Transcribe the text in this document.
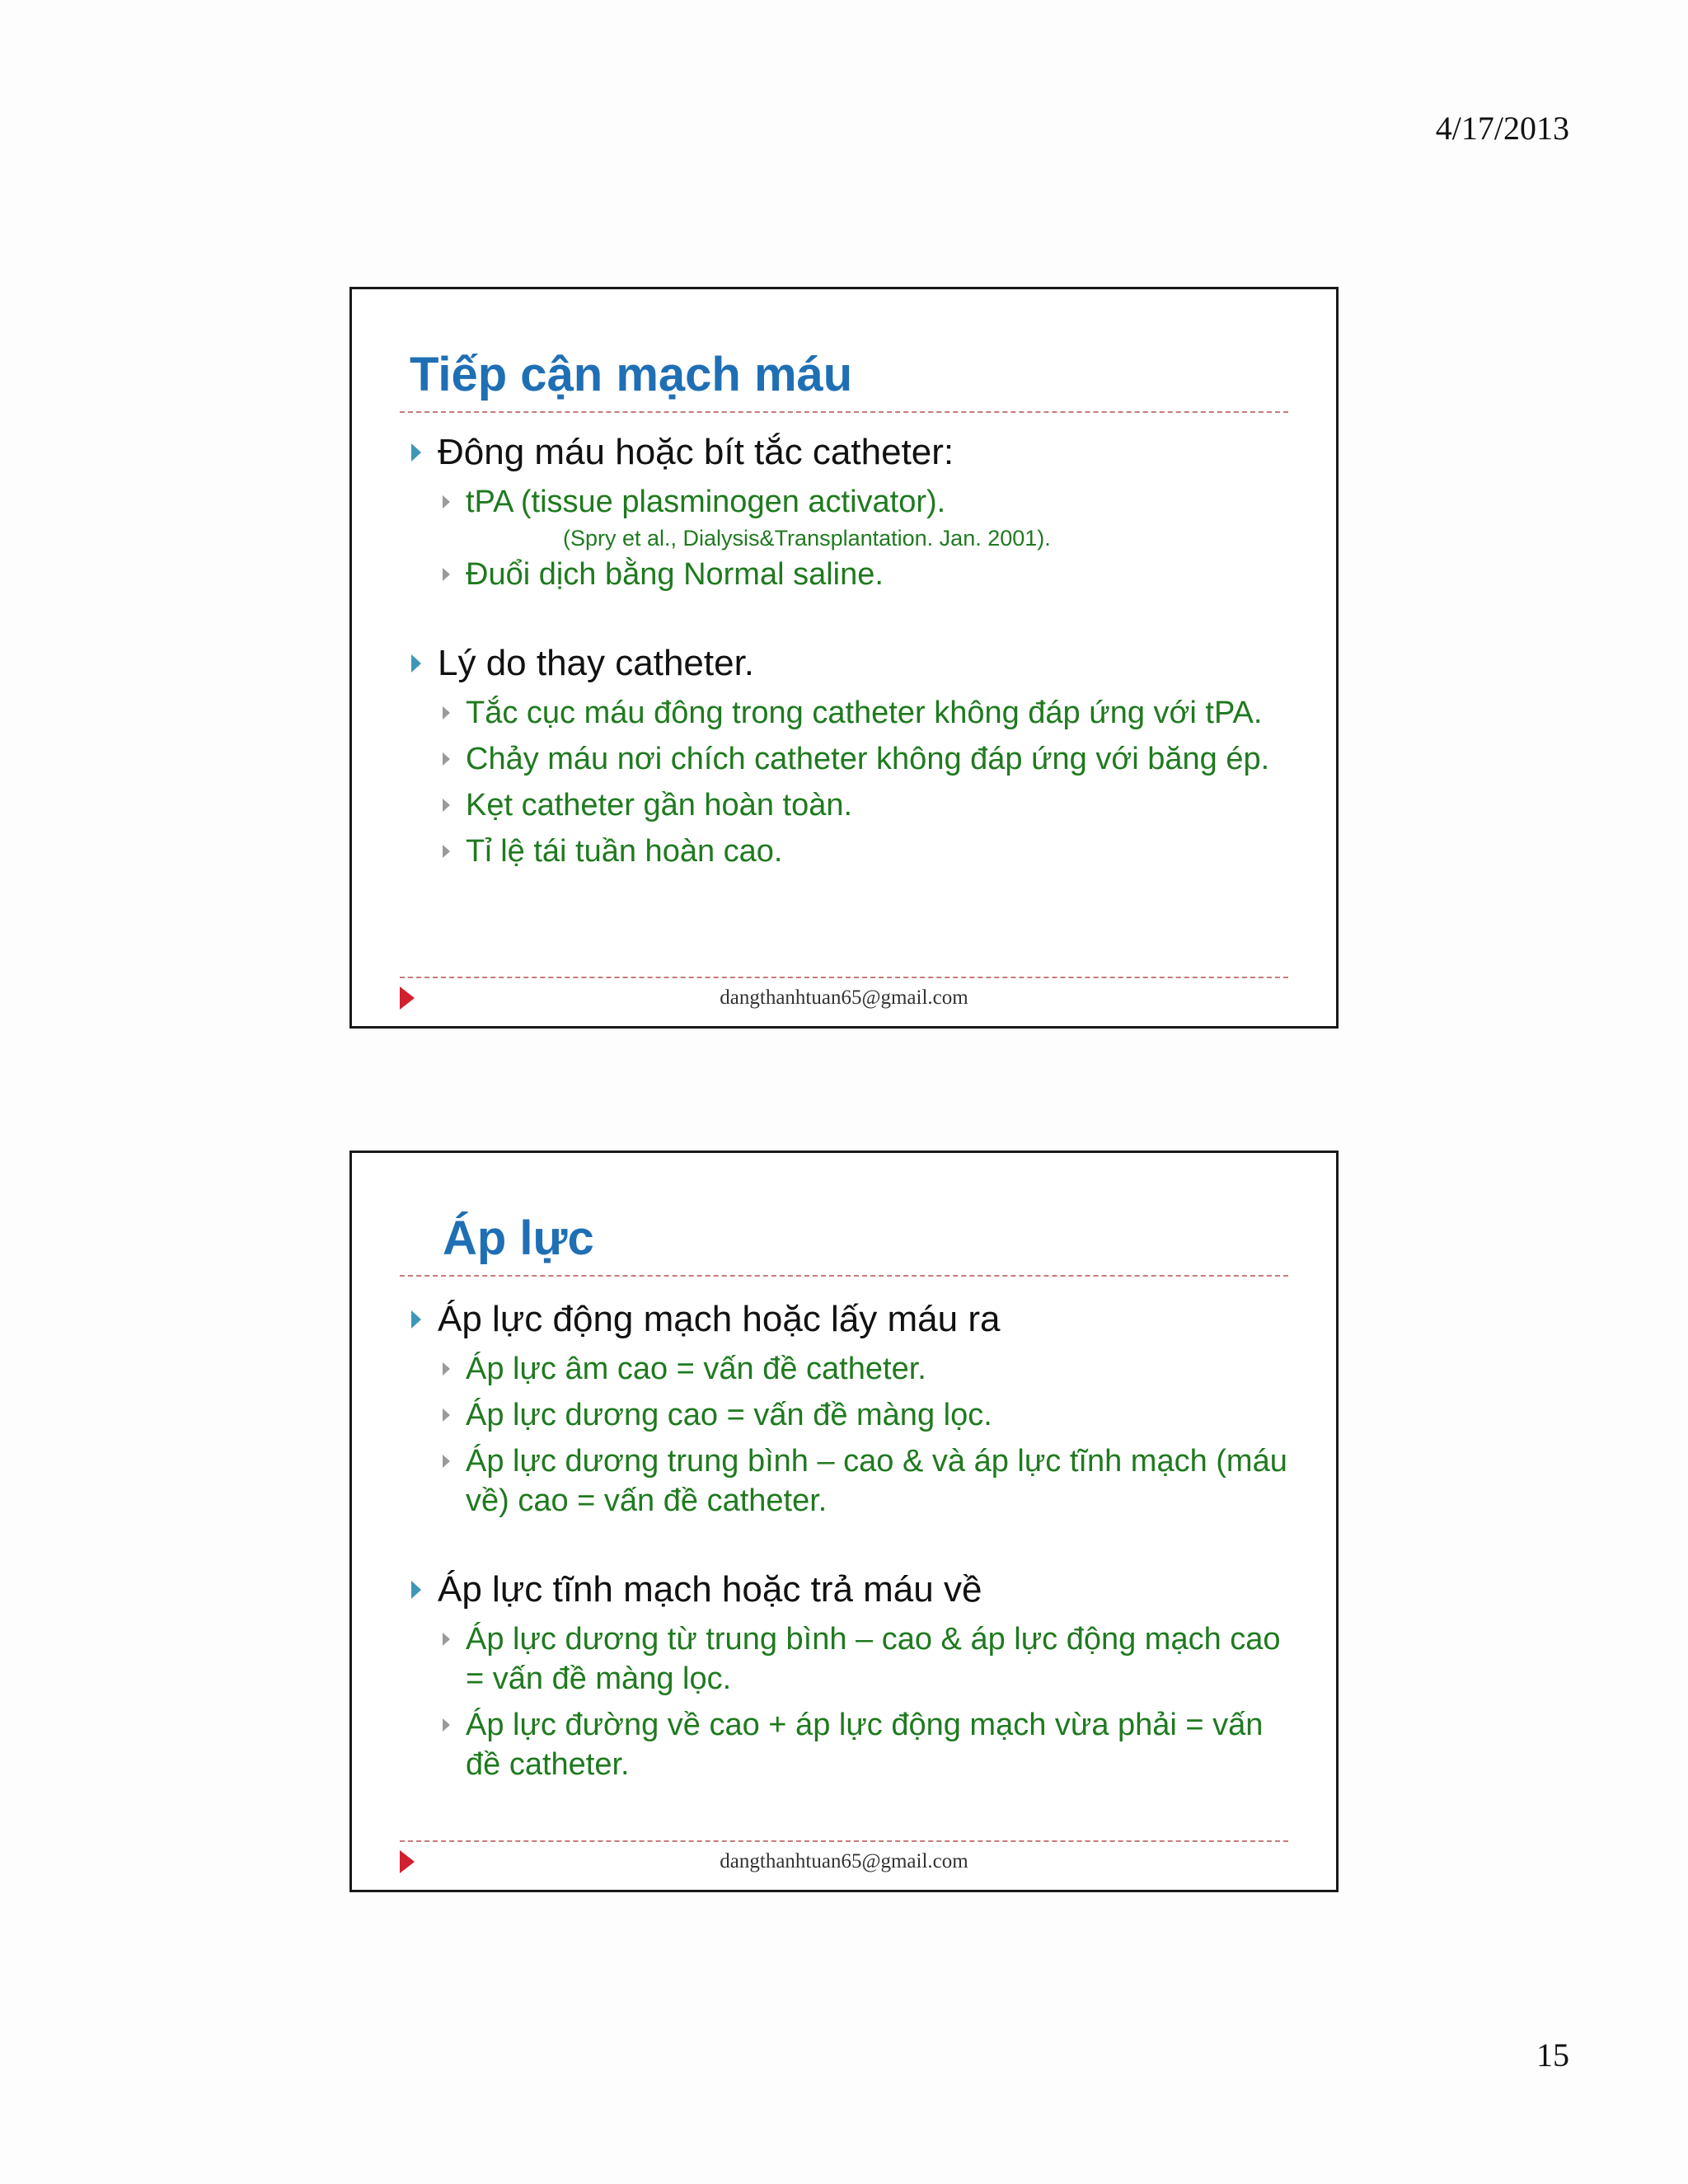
4/17/2013
Tiếp cận mạch máu
Đông máu hoặc bít tắc catheter:
tPA (tissue plasminogen activator).
(Spry et al., Dialysis&Transplantation. Jan. 2001).
Đuổi dịch bằng Normal saline.
Lý do thay catheter.
Tắc cục máu đông trong catheter không đáp ứng với tPA.
Chảy máu nơi chích catheter không đáp ứng với băng ép.
Kẹt catheter gần hoàn toàn.
Tỉ lệ tái tuần hoàn cao.
dangthanhtuan65@gmail.com
Áp lực
Áp lực động mạch hoặc lấy máu ra
Áp lực âm cao = vấn đề catheter.
Áp lực dương cao = vấn đề màng lọc.
Áp lực dương trung bình – cao & và áp lực tĩnh mạch (máu về) cao = vấn đề catheter.
Áp lực tĩnh mạch hoặc trả máu về
Áp lực dương từ trung bình – cao & áp lực động mạch cao = vấn đề màng lọc.
Áp lực đường về cao + áp lực động mạch vừa phải = vấn đề catheter.
dangthanhtuan65@gmail.com
15
